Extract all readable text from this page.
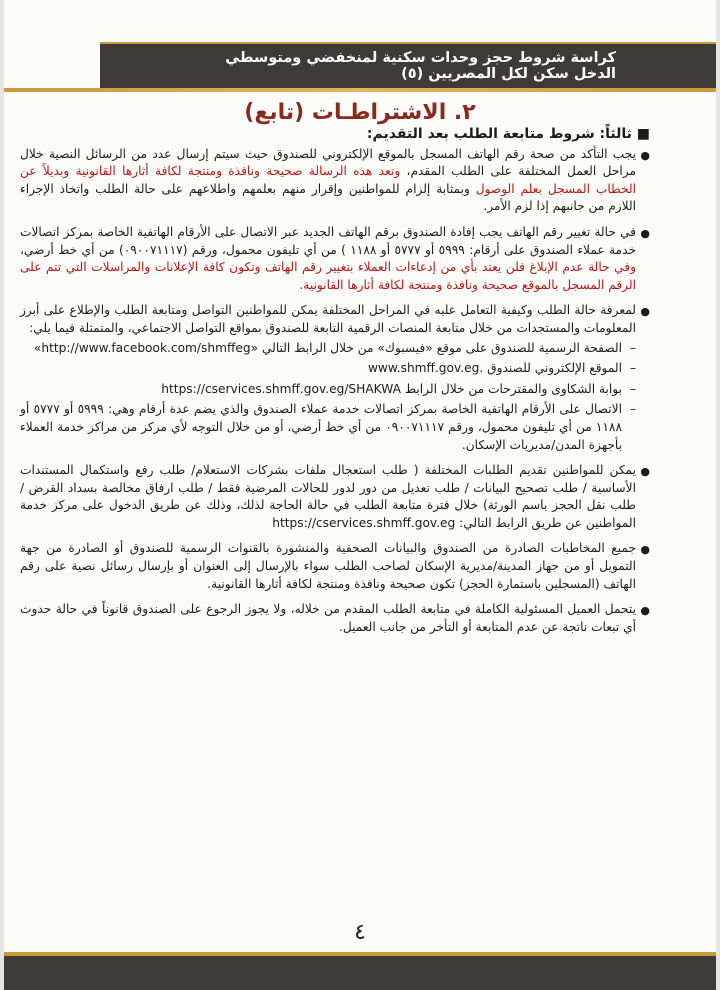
كراسة شروط حجز وحدات سكنية لمنخفضي ومتوسطي الدخل سكن لكل المصريين (٥)
٢. الاشتراطـات (تابع)
■ ثالثاً: شروط متابعة الطلب بعد التقديم:
●
يجب التأكد من صحة رقم الهاتف المسجل بالموقع الإلكتروني للصندوق حيث سيتم إرسال عدد من الرسائل النصية خلال مراحل العمل المختلفة على الطلب المقدم، وتعد هذه الرسالة صحيحة ونافذة ومنتجة لكافة أثارها القانونية وبديلاً عن الخطاب المسجل بعلم الوصول وبمثابة إلزام للمواطنين وإقرار منهم بعلمهم واطلاعهم على حالة الطلب واتخاذ الإجراء اللازم من جانبهم إذا لزم الأمر.
●
في حالة تغيير رقم الهاتف يجب إفادة الصندوق برقم الهاتف الجديد عبر الاتصال على الأرقام الهاتفية الخاصة بمركز اتصالات خدمة عملاء الصندوق على أرقام: ٥٩٩٩ أو ٥٧٧٧ أو ١١٨٨ ) من أي تليفون محمول، ورقم (٠٩٠٠٧١١١٧) من أي خط أرضي، وفي حالة عدم الإبلاغ فلن يعتد بأي من إدعاءات العملاء بتغيير رقم الهاتف وتكون كافة الإعلانات والمراسلات التي تتم على الرقم المسجل بالموقع صحيحة ونافذة ومنتجة لكافة أثارها القانونية.
●
لمعرفة حالة الطلب وكيفية التعامل عليه في المراحل المختلفة يمكن للمواطنين التواصل ومتابعة الطلب والإطلاع على أبرز المعلومات والمستجدات من خلال متابعة المنصات الرقمية التابعة للصندوق بمواقع التواصل الاجتماعي، والمتمثلة فيما يلي:
–
الصفحة الرسمية للصندوق على موقع «فيسبوك» من خلال الرابط التالي «http://www.facebook.com/shmffeg»
–
الموقع الإلكتروني للصندوق www.shmff.gov.eg.
–
بوابة الشكاوى والمقترحات من خلال الرابط https://cservices.shmff.gov.eg/SHAKWA
–
الاتصال على الأرقام الهاتفية الخاصة بمركز اتصالات خدمة عملاء الصندوق والذي يضم عدة أرقام وهي: ٥٩٩٩ أو ٥٧٧٧ أو ١١٨٨ من أي تليفون محمول، ورقم ٠٩٠٠٧١١١٧ من أي خط أرضي، أو من خلال التوجه لأي مركز من مراكز خدمة العملاء بأجهزة المدن/مديريات الإسكان.
●
يمكن للمواطنين تقديم الطلبات المختلفة ( طلب استعجال ملفات بشركات الاستعلام/ طلب رفع واستكمال المستندات الأساسية / طلب تصحيح البيانات / طلب تعديل من دور لدور للحالات المرضية فقط / طلب ارفاق مخالصة بسداد القرض / طلب نقل الحجز باسم الورثة) خلال فترة متابعة الطلب في حالة الحاجة لذلك، وذلك عن طريق الدخول على مركز خدمة المواطنين عن طريق الرابط التالي: https://cservices.shmff.gov.eg
●
جميع المخاطبات الصادرة من الصندوق والبيانات الصحفية والمنشورة بالقنوات الرسمية للصندوق أو الصادرة من جهة التمويل أو من جهاز المدينة/مديرية الإسكان لصاحب الطلب سواء بالإرسال إلى العنوان أو بإرسال رسائل نصية على رقم الهاتف (المسجلين باستمارة الحجز) تكون صحيحة ونافذة ومنتجة لكافة أثارها القانونية.
●
يتحمل العميل المسئولية الكاملة في متابعة الطلب المقدم من خلاله، ولا يجوز الرجوع على الصندوق قانوناً في حالة حدوث أي تبعات ناتجة عن عدم المتابعة أو التأخر من جانب العميل.
٤
